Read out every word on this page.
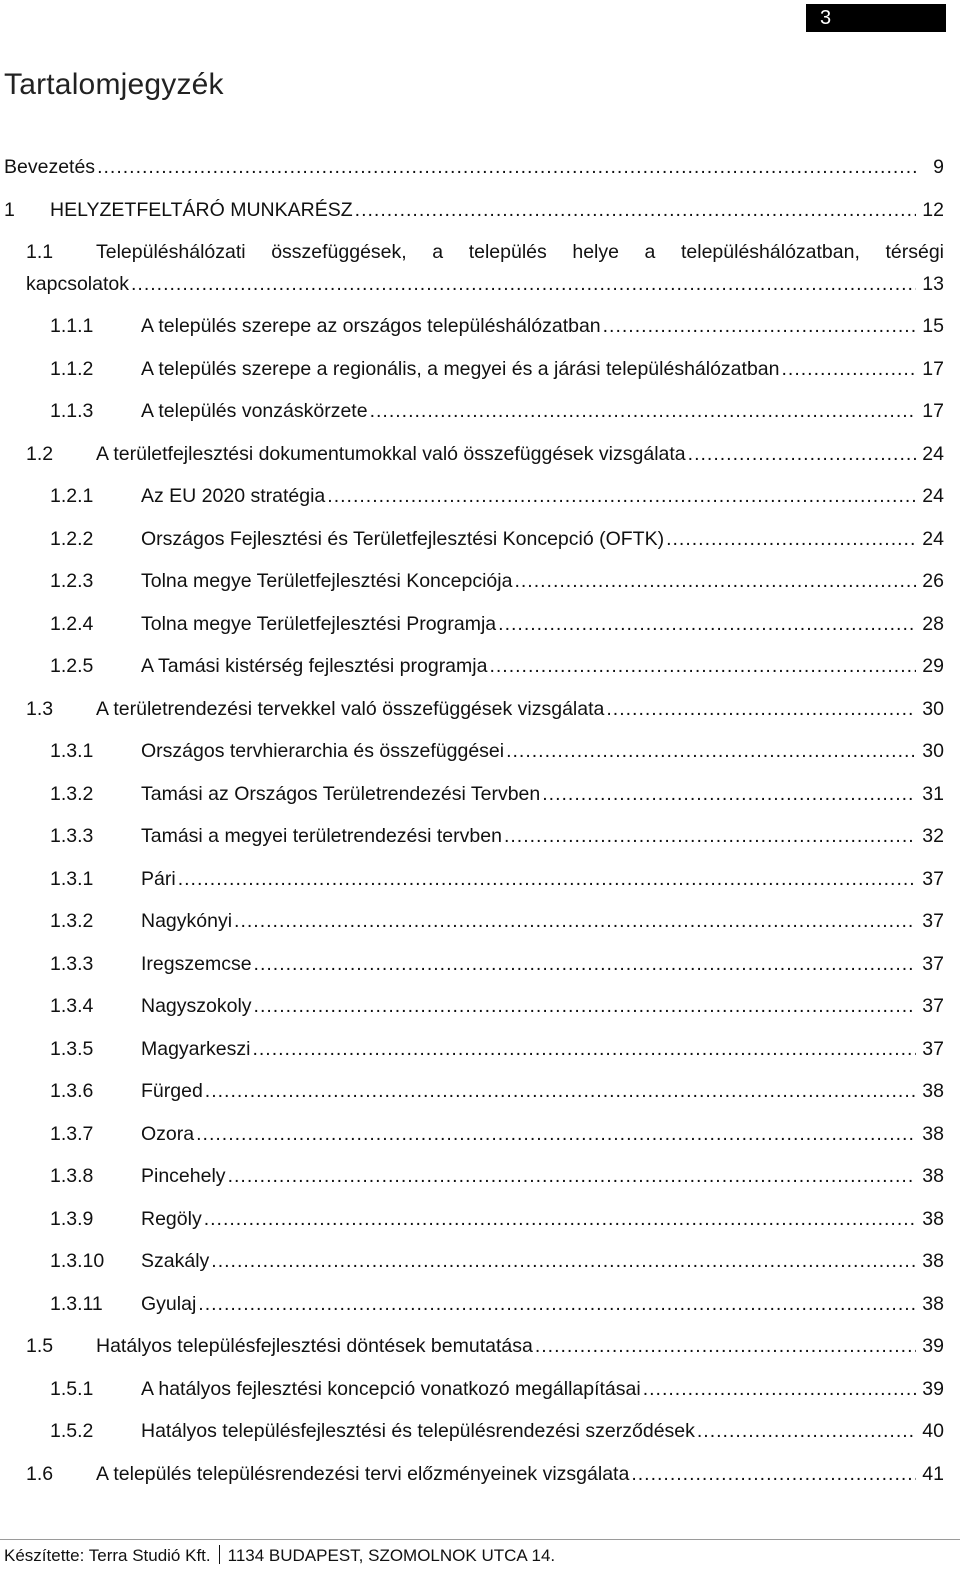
3
Tartalomjegyzék
Bevezetés .....	9
1 HELYZETFELTÁRÓ MUNKARÉSZ .....	12
1.1 Településhálózati összefüggések, a település helye a településhálózatban, térségi
kapcsolatok .....	13
1.1.1 A település szerepe az országos településhálózatban .....	15
1.1.2 A település szerepe a regionális, a megyei és a járási településhálózatban .....	17
1.1.3 A település vonzáskörzete .....	17
1.2 A területfejlesztési dokumentumokkal való összefüggések vizsgálata .....	24
1.2.1 Az EU 2020 stratégia .....	24
1.2.2 Országos Fejlesztési és Területfejlesztési Koncepció (OFTK) .....	24
1.2.3 Tolna megye Területfejlesztési Koncepciója .....	26
1.2.4 Tolna megye Területfejlesztési Programja .....	28
1.2.5 A Tamási kistérség fejlesztési programja .....	29
1.3 A területrendezési tervekkel való összefüggések vizsgálata .....	30
1.3.1 Országos tervhierarchia és összefüggései .....	30
1.3.2 Tamási az Országos Területrendezési Tervben .....	31
1.3.3 Tamási a megyei területrendezési tervben .....	32
1.3.1 Pári .....	37
1.3.2 Nagykónyi .....	37
1.3.3 Iregszemcse .....	37
1.3.4 Nagyszokoly .....	37
1.3.5 Magyarkeszi .....	37
1.3.6 Fürged .....	38
1.3.7 Ozora .....	38
1.3.8 Pincehely .....	38
1.3.9 Regöly .....	38
1.3.10 Szakály .....	38
1.3.11 Gyulaj .....	38
1.5 Hatályos településfejlesztési döntések bemutatása .....	39
1.5.1 A hatályos fejlesztési koncepció vonatkozó megállapításai .....	39
1.5.2 Hatályos településfejlesztési és településrendezési szerződések .....	40
1.6 A település településrendezési tervi előzményeinek vizsgálata .....	41
Készítette: Terra Studió Kft. 1134 BUDAPEST, SZOMOLNOK UTCA 14.
